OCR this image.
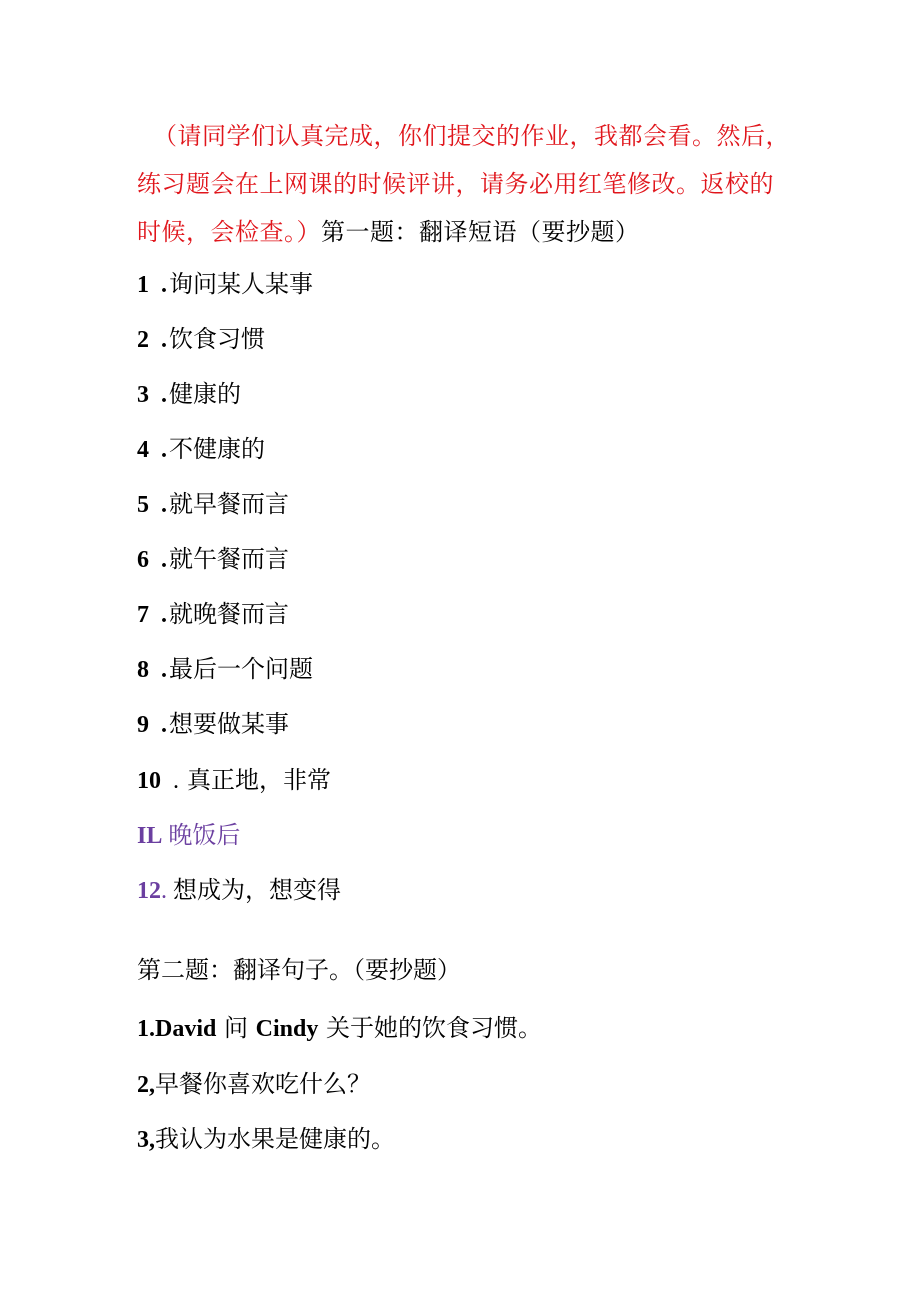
（请同学们认真完成，你们提交的作业，我都会看。然后，练习题会在上网课的时候评讲，请务必用红笔修改。返校的时候，会检查。）第一题：翻译短语（要抄题）
1 .询问某人某事
2 .饮食习惯
3 .健康的
4 .不健康的
5 .就早餐而言
6 .就午餐而言
7 .就晚餐而言
8 .最后一个问题
9 .想要做某事
10 . 真正地，非常
IL 晚饭后
12. 想成为，想变得
第二题：翻译句子。（要抄题）
1.David 问 Cindy 关于她的饮食习惯。
2,早餐你喜欢吃什么？
3,我认为水果是健康的。
